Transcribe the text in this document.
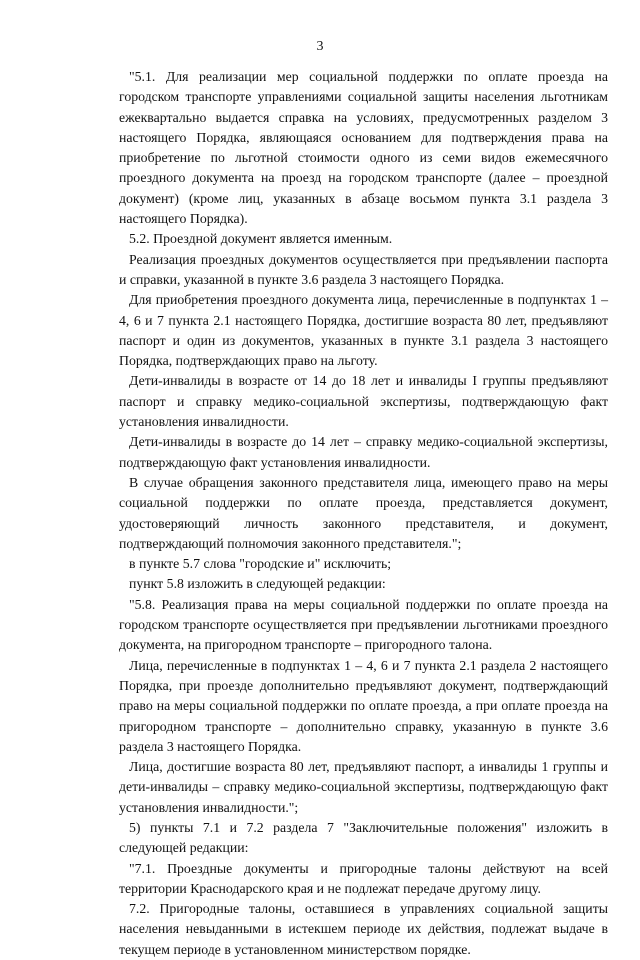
3

"5.1. Для реализации мер социальной поддержки по оплате проезда на городском транспорте управлениями социальной защиты населения льготникам ежеквартально выдается справка на условиях, предусмотренных разделом 3 настоящего Порядка, являющаяся основанием для подтверждения права на приобретение по льготной стоимости одного из семи видов ежемесячного проездного документа на проезд на городском транспорте (далее – проездной документ) (кроме лиц, указанных в абзаце восьмом пункта 3.1 раздела 3 настоящего Порядка).

5.2. Проездной документ является именным.

Реализация проездных документов осуществляется при предъявлении паспорта и справки, указанной в пункте 3.6 раздела 3 настоящего Порядка.

Для приобретения проездного документа лица, перечисленные в подпунктах 1 – 4, 6 и 7 пункта 2.1 настоящего Порядка, достигшие возраста 80 лет, предъявляют паспорт и один из документов, указанных в пункте 3.1 раздела 3 настоящего Порядка, подтверждающих право на льготу.

Дети-инвалиды в возрасте от 14 до 18 лет и инвалиды I группы предъявляют паспорт и справку медико-социальной экспертизы, подтверждающую факт установления инвалидности.

Дети-инвалиды в возрасте до 14 лет – справку медико-социальной экспертизы, подтверждающую факт установления инвалидности.

В случае обращения законного представителя лица, имеющего право на меры социальной поддержки по оплате проезда, представляется документ, удостоверяющий личность законного представителя, и документ, подтверждающий полномочия законного представителя.";

в пункте 5.7 слова "городские и" исключить;

пункт 5.8 изложить в следующей редакции:

"5.8. Реализация права на меры социальной поддержки по оплате проезда на городском транспорте осуществляется при предъявлении льготниками проездного документа, на пригородном транспорте – пригородного талона.

Лица, перечисленные в подпунктах 1 – 4, 6 и 7 пункта 2.1 раздела 2 настоящего Порядка, при проезде дополнительно предъявляют документ, подтверждающий право на меры социальной поддержки по оплате проезда, а при оплате проезда на пригородном транспорте – дополнительно справку, указанную в пункте 3.6 раздела 3 настоящего Порядка.

Лица, достигшие возраста 80 лет, предъявляют паспорт, а инвалиды 1 группы и дети-инвалиды – справку медико-социальной экспертизы, подтверждающую факт установления инвалидности.";

5) пункты 7.1 и 7.2 раздела 7 "Заключительные положения" изложить в следующей редакции:

"7.1. Проездные документы и пригородные талоны действуют на всей территории Краснодарского края и не подлежат передаче другому лицу.

7.2. Пригородные талоны, оставшиеся в управлениях социальной защиты населения невыданными в истекшем периоде их действия, подлежат выдаче в текущем периоде в установленном министерством порядке.
